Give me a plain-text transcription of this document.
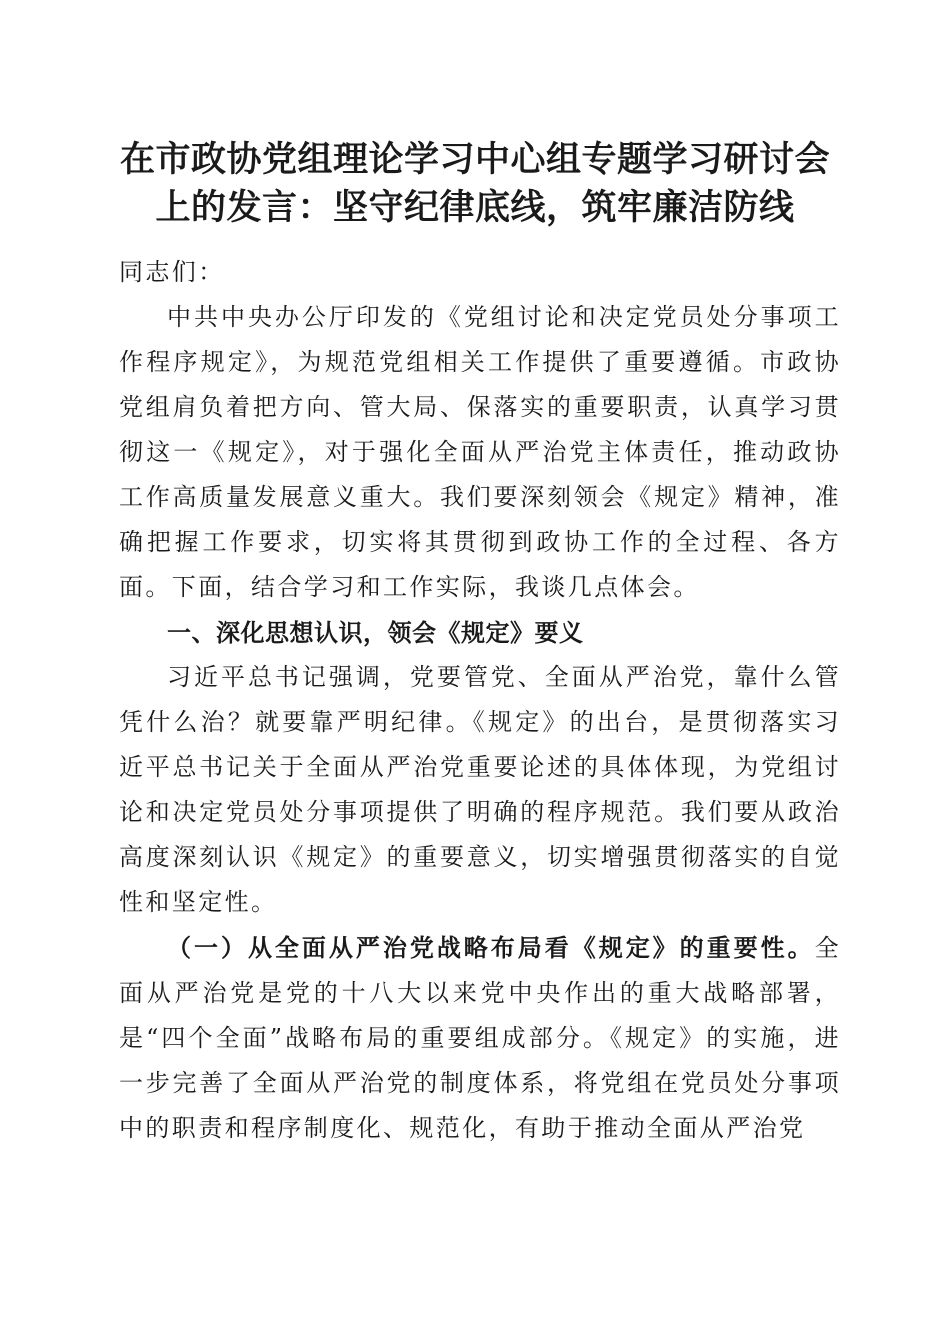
在市政协党组理论学习中心组专题学习研讨会
上的发言：坚守纪律底线，筑牢廉洁防线

同志们：

中共中央办公厅印发的《党组讨论和决定党员处分事项工作程序规定》，为规范党组相关工作提供了重要遵循。市政协党组肩负着把方向、管大局、保落实的重要职责，认真学习贯彻这一《规定》，对于强化全面从严治党主体责任，推动政协工作高质量发展意义重大。我们要深刻领会《规定》精神，准确把握工作要求，切实将其贯彻到政协工作的全过程、各方面。下面，结合学习和工作实际，我谈几点体会。

一、深化思想认识，领会《规定》要义

习近平总书记强调，党要管党、全面从严治党，靠什么管凭什么治？就要靠严明纪律。《规定》的出台，是贯彻落实习近平总书记关于全面从严治党重要论述的具体体现，为党组讨论和决定党员处分事项提供了明确的程序规范。我们要从政治高度深刻认识《规定》的重要意义，切实增强贯彻落实的自觉性和坚定性。

（一）从全面从严治党战略布局看《规定》的重要性。全面从严治党是党的十八大以来党中央作出的重大战略部署，是“四个全面”战略布局的重要组成部分。《规定》的实施，进一步完善了全面从严治党的制度体系，将党组在党员处分事项中的职责和程序制度化、规范化，有助于推动全面从严治党
